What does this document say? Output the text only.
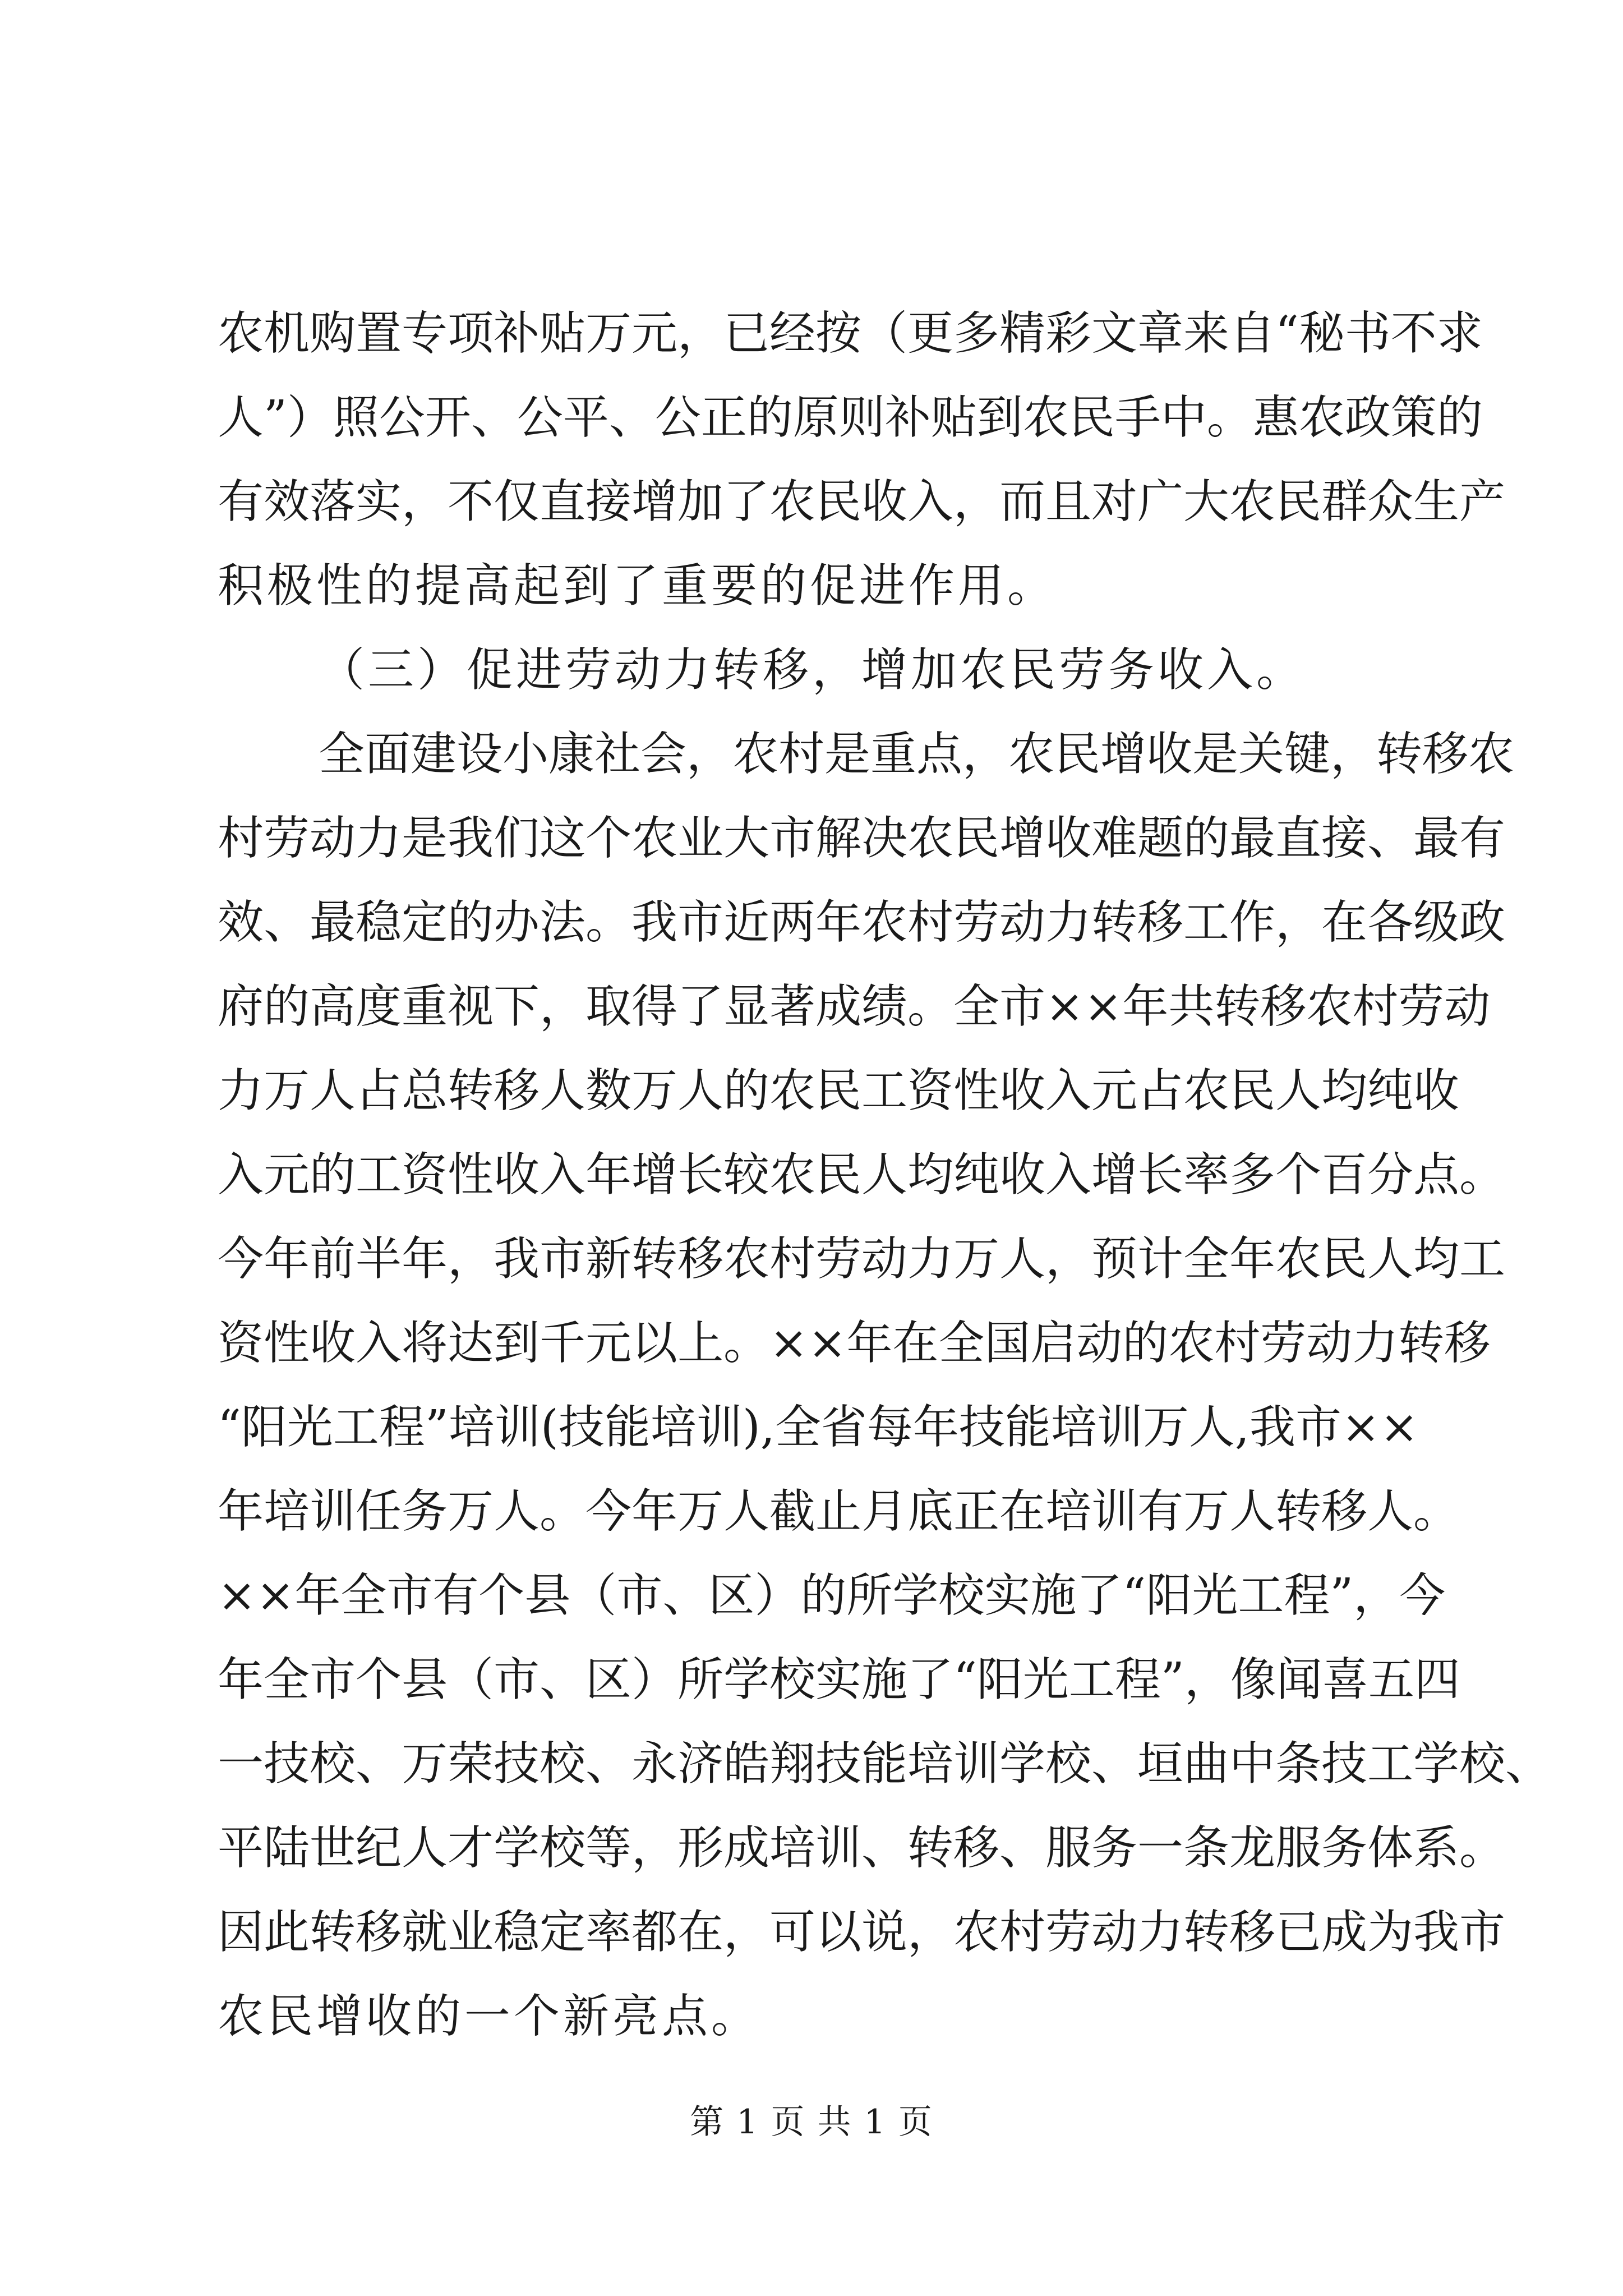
农机购置专项补贴万元，已经按（更多精彩文章来自“秘书不求
人”）照公开、公平、公正的原则补贴到农民手中。惠农政策的
有效落实，不仅直接增加了农民收入，而且对广大农民群众生产
积极性的提高起到了重要的促进作用。
（三）促进劳动力转移，增加农民劳务收入。
全面建设小康社会，农村是重点，农民增收是关键，转移农
村劳动力是我们这个农业大市解决农民增收难题的最直接、最有
效、最稳定的办法。我市近两年农村劳动力转移工作，在各级政
府的高度重视下，取得了显著成绩。全市××年共转移农村劳动
力万人占总转移人数万人的农民工资性收入元占农民人均纯收
入元的工资性收入年增长较农民人均纯收入增长率多个百分点。
今年前半年，我市新转移农村劳动力万人，预计全年农民人均工
资性收入将达到千元以上。××年在全国启动的农村劳动力转移
“阳光工程”培训(技能培训),全省每年技能培训万人,我市××
年培训任务万人。今年万人截止月底正在培训有万人转移人。
××年全市有个县（市、区）的所学校实施了“阳光工程”，今
年全市个县（市、区）所学校实施了“阳光工程”，像闻喜五四
一技校、万荣技校、永济皓翔技能培训学校、垣曲中条技工学校、
平陆世纪人才学校等，形成培训、转移、服务一条龙服务体系。
因此转移就业稳定率都在，可以说，农村劳动力转移已成为我市
农民增收的一个新亮点。
第 1 页 共 1 页
